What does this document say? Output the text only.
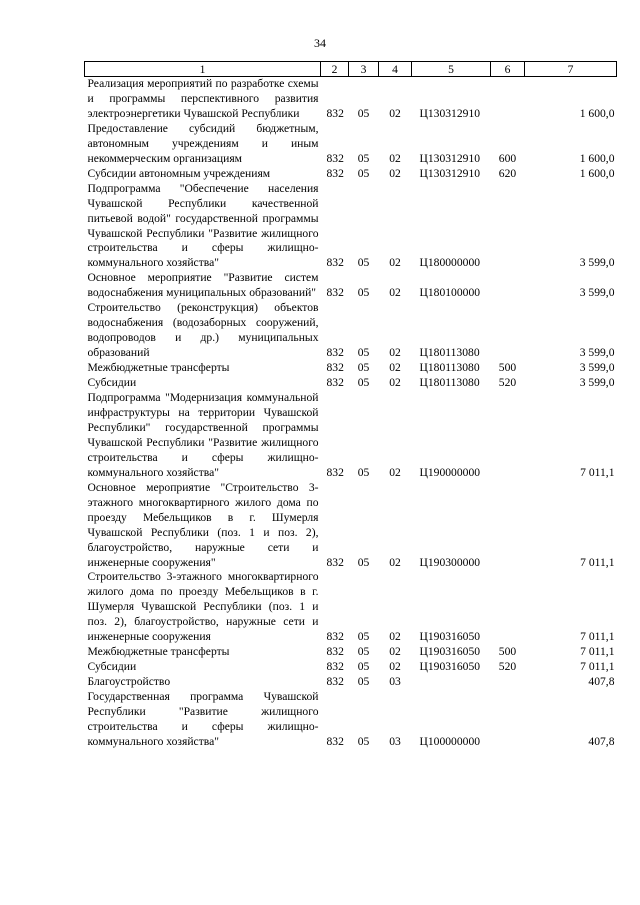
34
1	2	3	4	5	6	7
Реализация мероприятий по разработке схемы и программы перспективного развития электроэнергетики Чувашской Республики	832	05	02	Ц130312910		1 600,0
Предоставление субсидий бюджетным, автономным учреждениям и иным некоммерческим организациям	832	05	02	Ц130312910	600	1 600,0
Субсидии автономным учреждениям	832	05	02	Ц130312910	620	1 600,0
Подпрограмма "Обеспечение населения Чувашской Республики качественной питьевой водой" государственной программы Чувашской Республики "Развитие жилищного строительства и сферы жилищно-коммунального хозяйства"	832	05	02	Ц180000000		3 599,0
Основное мероприятие "Развитие систем водоснабжения муниципальных образований"	832	05	02	Ц180100000		3 599,0
Строительство (реконструкция) объектов водоснабжения (водозаборных сооружений, водопроводов и др.) муниципальных образований	832	05	02	Ц180113080		3 599,0
Межбюджетные трансферты	832	05	02	Ц180113080	500	3 599,0
Субсидии	832	05	02	Ц180113080	520	3 599,0
Подпрограмма "Модернизация коммунальной инфраструктуры на территории Чувашской Республики" государственной программы Чувашской Республики "Развитие жилищного строительства и сферы жилищно-коммунального хозяйства"	832	05	02	Ц190000000		7 011,1
Основное мероприятие "Строительство 3-этажного многоквартирного жилого дома по проезду Мебельщиков в г. Шумерля Чувашской Республики (поз. 1 и поз. 2), благоустройство, наружные сети и инженерные сооружения"	832	05	02	Ц190300000		7 011,1
Строительство 3-этажного многоквартирного жилого дома по проезду Мебельщиков в г. Шумерля Чувашской Республики (поз. 1 и поз. 2), благоустройство, наружные сети и инженерные сооружения	832	05	02	Ц190316050		7 011,1
Межбюджетные трансферты	832	05	02	Ц190316050	500	7 011,1
Субсидии	832	05	02	Ц190316050	520	7 011,1
Благоустройство	832	05	03			407,8
Государственная программа Чувашской Республики "Развитие жилищного строительства и сферы жилищно-коммунального хозяйства"	832	05	03	Ц100000000		407,8
